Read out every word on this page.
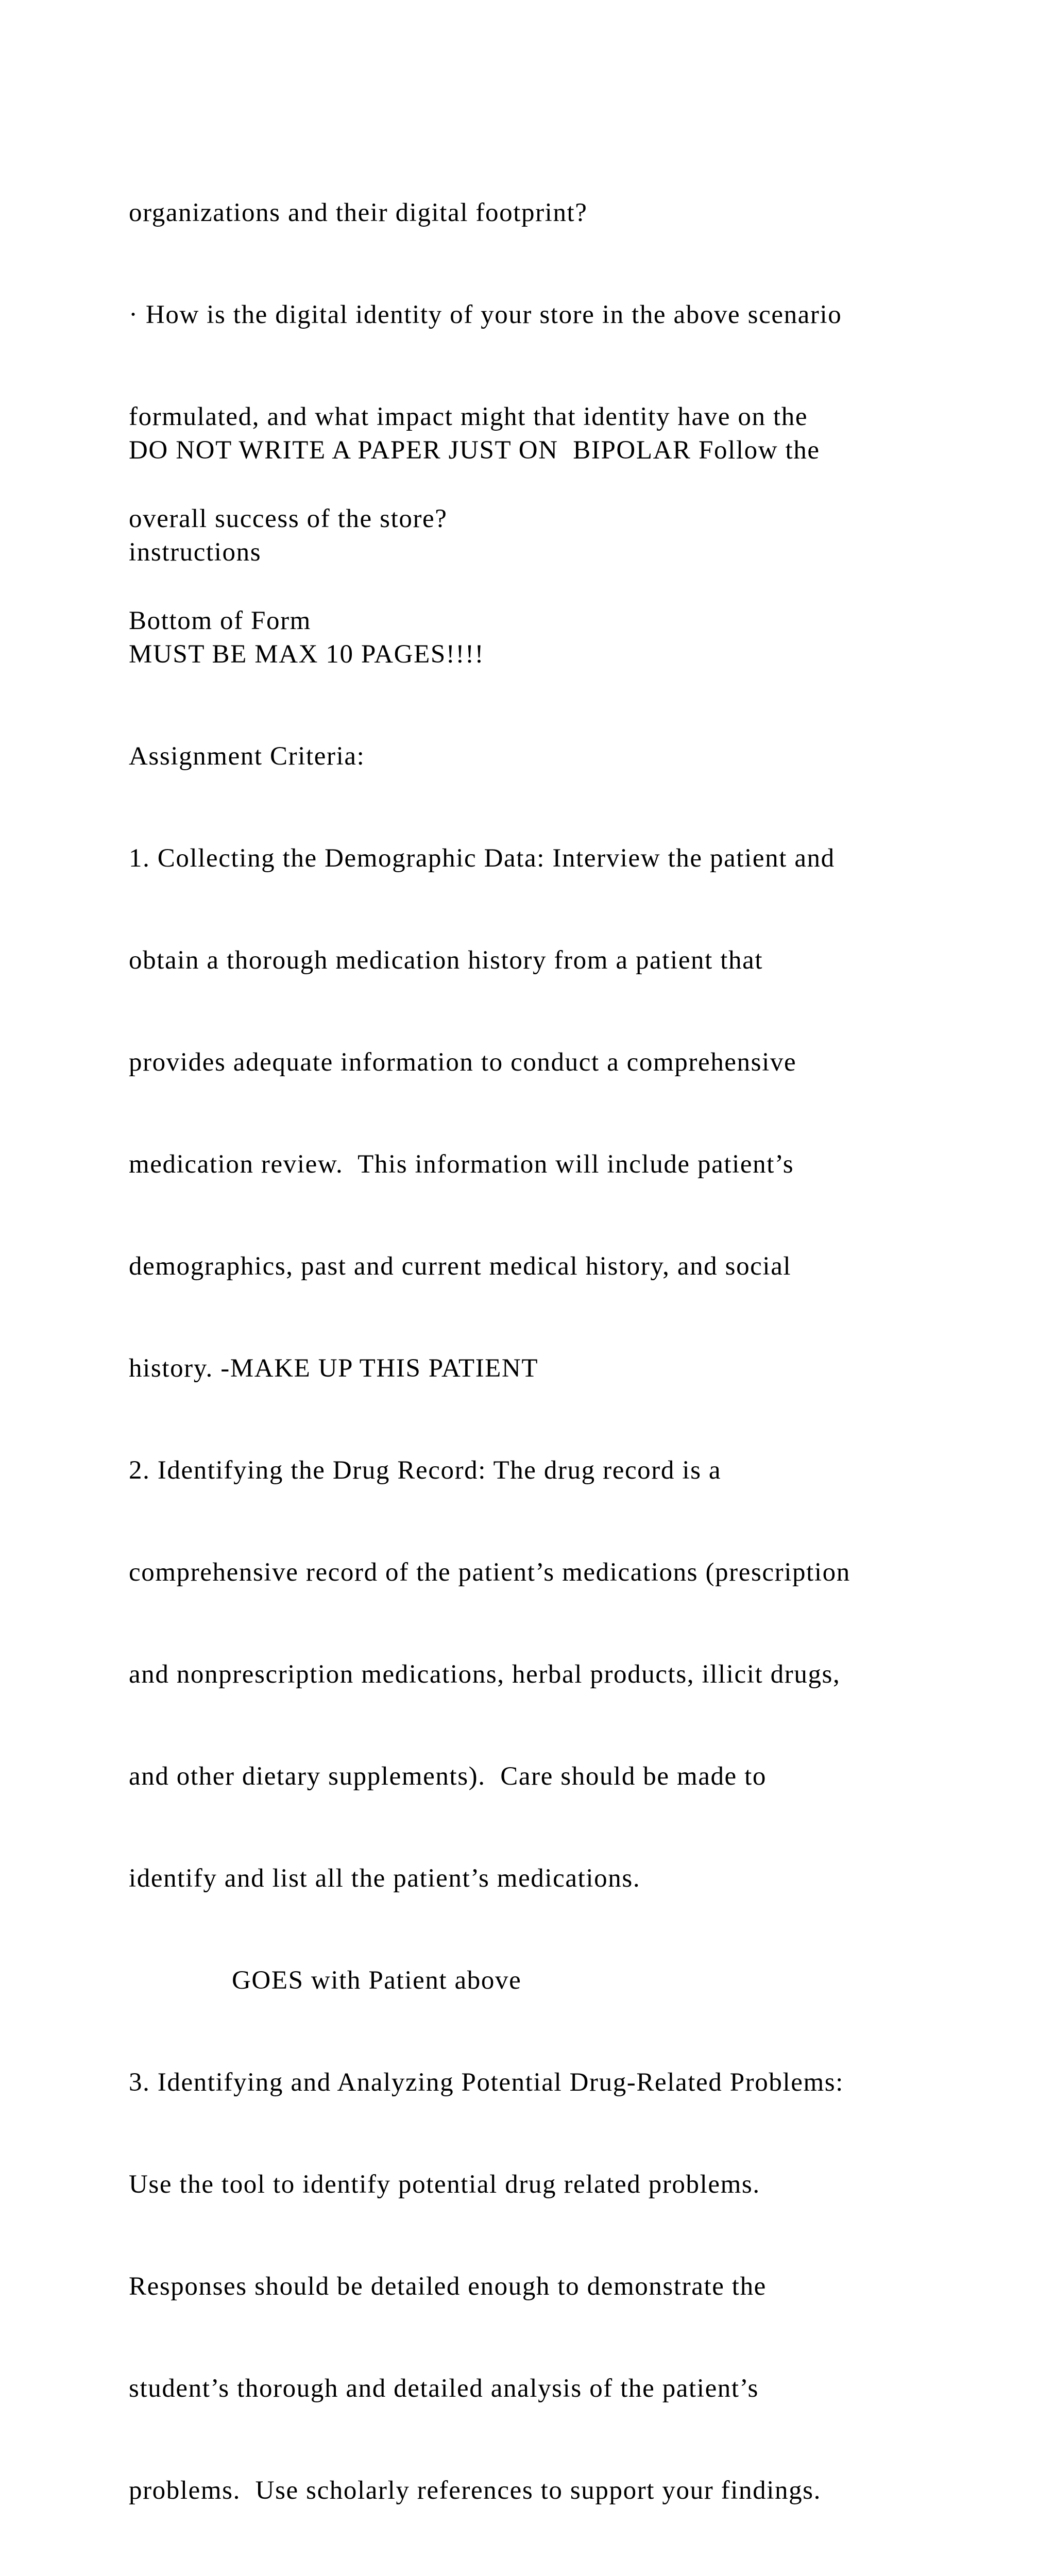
organizations and their digital footprint?

· How is the digital identity of your store in the above scenario

formulated, and what impact might that identity have on the

overall success of the store?

Bottom of Form

DO NOT WRITE A PAPER JUST ON  BIPOLAR Follow the

instructions

MUST BE MAX 10 PAGES!!!!

Assignment Criteria:

1. Collecting the Demographic Data: Interview the patient and

obtain a thorough medication history from a patient that

provides adequate information to conduct a comprehensive

medication review.  This information will include patient’s

demographics, past and current medical history, and social

history. -MAKE UP THIS PATIENT

2. Identifying the Drug Record: The drug record is a

comprehensive record of the patient’s medications (prescription

and nonprescription medications, herbal products, illicit drugs,

and other dietary supplements).  Care should be made to

identify and list all the patient’s medications.

GOES with Patient above

3. Identifying and Analyzing Potential Drug-Related Problems:

Use the tool to identify potential drug related problems.

Responses should be detailed enough to demonstrate the

student’s thorough and detailed analysis of the patient’s

problems.  Use scholarly references to support your findings.
